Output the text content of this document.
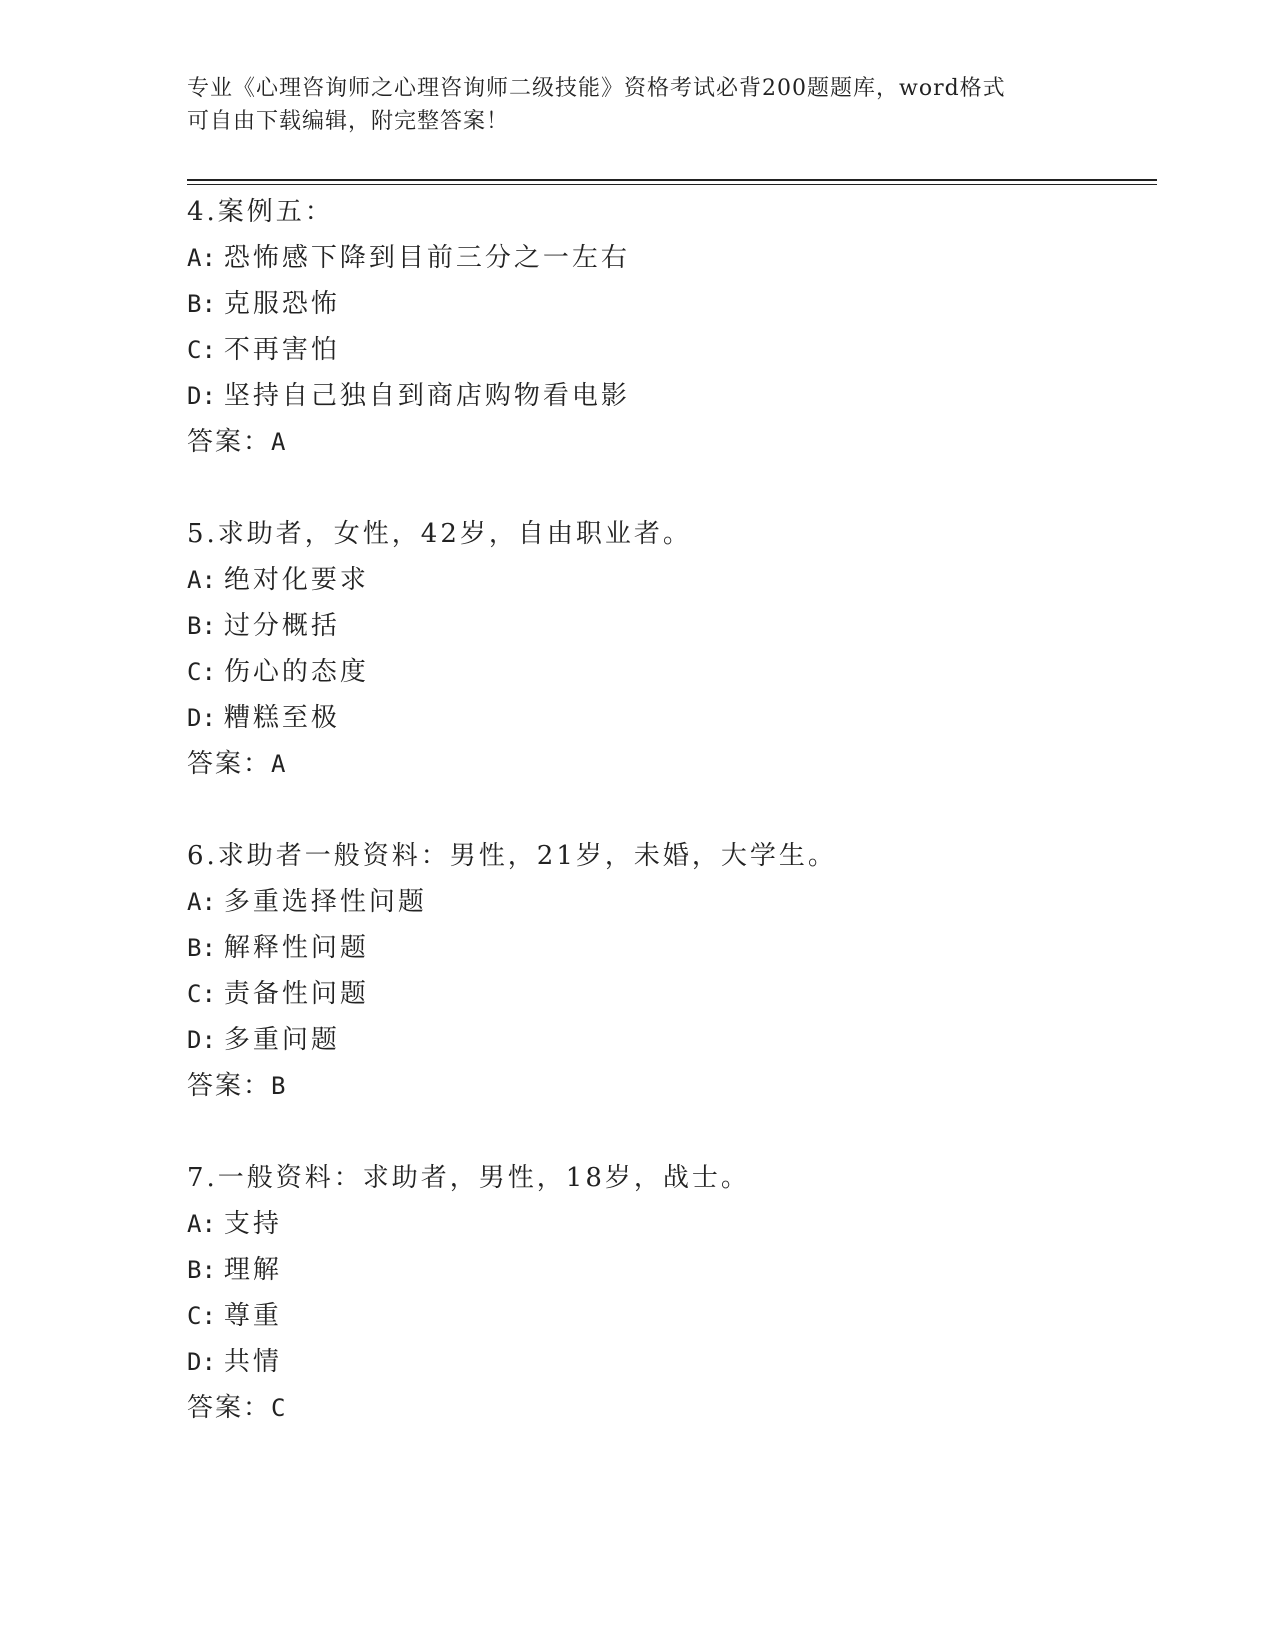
专业《心理咨询师之心理咨询师二级技能》资格考试必背200题题库，word格式
可自由下载编辑，附完整答案！
4.案例五：
A: 恐怖感下降到目前三分之一左右
B: 克服恐怖
C: 不再害怕
D: 坚持自己独自到商店购物看电影
答案：A
5.求助者，女性，42岁，自由职业者。
A: 绝对化要求
B: 过分概括
C: 伤心的态度
D: 糟糕至极
答案：A
6.求助者一般资料：男性，21岁，未婚，大学生。
A: 多重选择性问题
B: 解释性问题
C: 责备性问题
D: 多重问题
答案：B
7.一般资料：求助者，男性，18岁，战士。
A: 支持
B: 理解
C: 尊重
D: 共情
答案：C
